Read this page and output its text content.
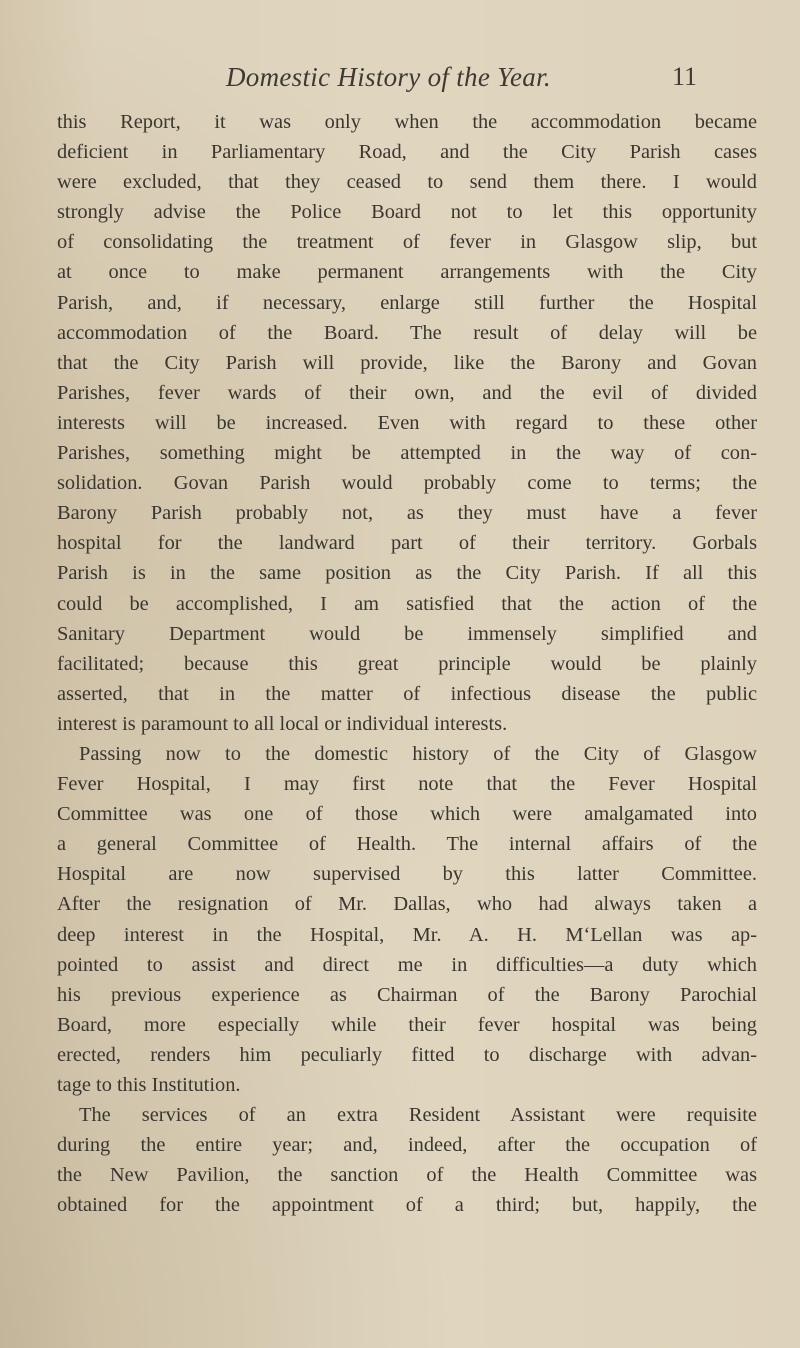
Domestic History of the Year.	11
this Report, it was only when the accommodation became
deficient in Parliamentary Road, and the City Parish cases
were excluded, that they ceased to send them there. I would
strongly advise the Police Board not to let this opportunity
of consolidating the treatment of fever in Glasgow slip, but
at once to make permanent arrangements with the City
Parish, and, if necessary, enlarge still further the Hospital
accommodation of the Board. The result of delay will be
that the City Parish will provide, like the Barony and Govan
Parishes, fever wards of their own, and the evil of divided
interests will be increased. Even with regard to these other
Parishes, something might be attempted in the way of con-
solidation. Govan Parish would probably come to terms; the
Barony Parish probably not, as they must have a fever
hospital for the landward part of their territory. Gorbals
Parish is in the same position as the City Parish. If all this
could be accomplished, I am satisfied that the action of the
Sanitary Department would be immensely simplified and
facilitated; because this great principle would be plainly
asserted, that in the matter of infectious disease the public
interest is paramount to all local or individual interests.
Passing now to the domestic history of the City of Glasgow
Fever Hospital, I may first note that the Fever Hospital
Committee was one of those which were amalgamated into
a general Committee of Health. The internal affairs of the
Hospital are now supervised by this latter Committee.
After the resignation of Mr. Dallas, who had always taken a
deep interest in the Hospital, Mr. A. H. M‘Lellan was ap-
pointed to assist and direct me in difficulties—a duty which
his previous experience as Chairman of the Barony Parochial
Board, more especially while their fever hospital was being
erected, renders him peculiarly fitted to discharge with advan-
tage to this Institution.
The services of an extra Resident Assistant were requisite
during the entire year; and, indeed, after the occupation of
the New Pavilion, the sanction of the Health Committee was
obtained for the appointment of a third; but, happily, the
